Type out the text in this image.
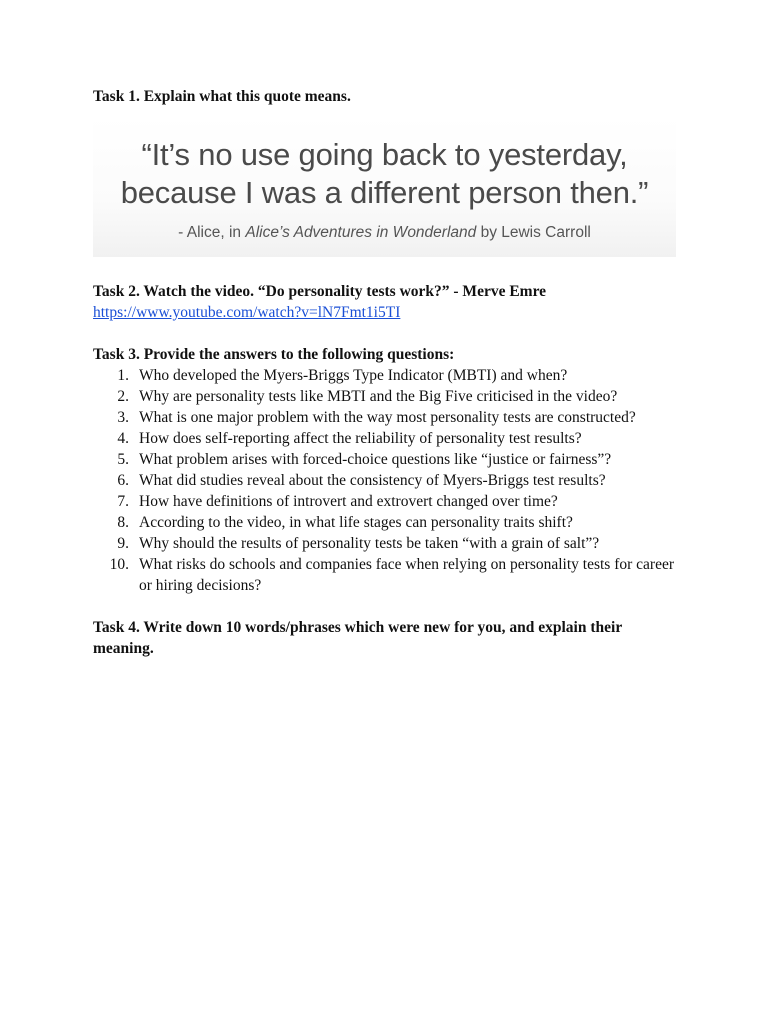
Task 1. Explain what this quote means.

“It’s no use going back to yesterday,
because I was a different person then.”
- Alice, in Alice’s Adventures in Wonderland by Lewis Carroll

Task 2. Watch the video. “Do personality tests work?” - Merve Emre

https://www.youtube.com/watch?v=lN7Fmt1i5TI

Task 3. Provide the answers to the following questions:

1. Who developed the Myers-Briggs Type Indicator (MBTI) and when?
2. Why are personality tests like MBTI and the Big Five criticised in the video?
3. What is one major problem with the way most personality tests are constructed?
4. How does self-reporting affect the reliability of personality test results?
5. What problem arises with forced-choice questions like “justice or fairness”?
6. What did studies reveal about the consistency of Myers-Briggs test results?
7. How have definitions of introvert and extrovert changed over time?
8. According to the video, in what life stages can personality traits shift?
9. Why should the results of personality tests be taken “with a grain of salt”?
10. What risks do schools and companies face when relying on personality tests for career or hiring decisions?

Task 4. Write down 10 words/phrases which were new for you, and explain their meaning.
